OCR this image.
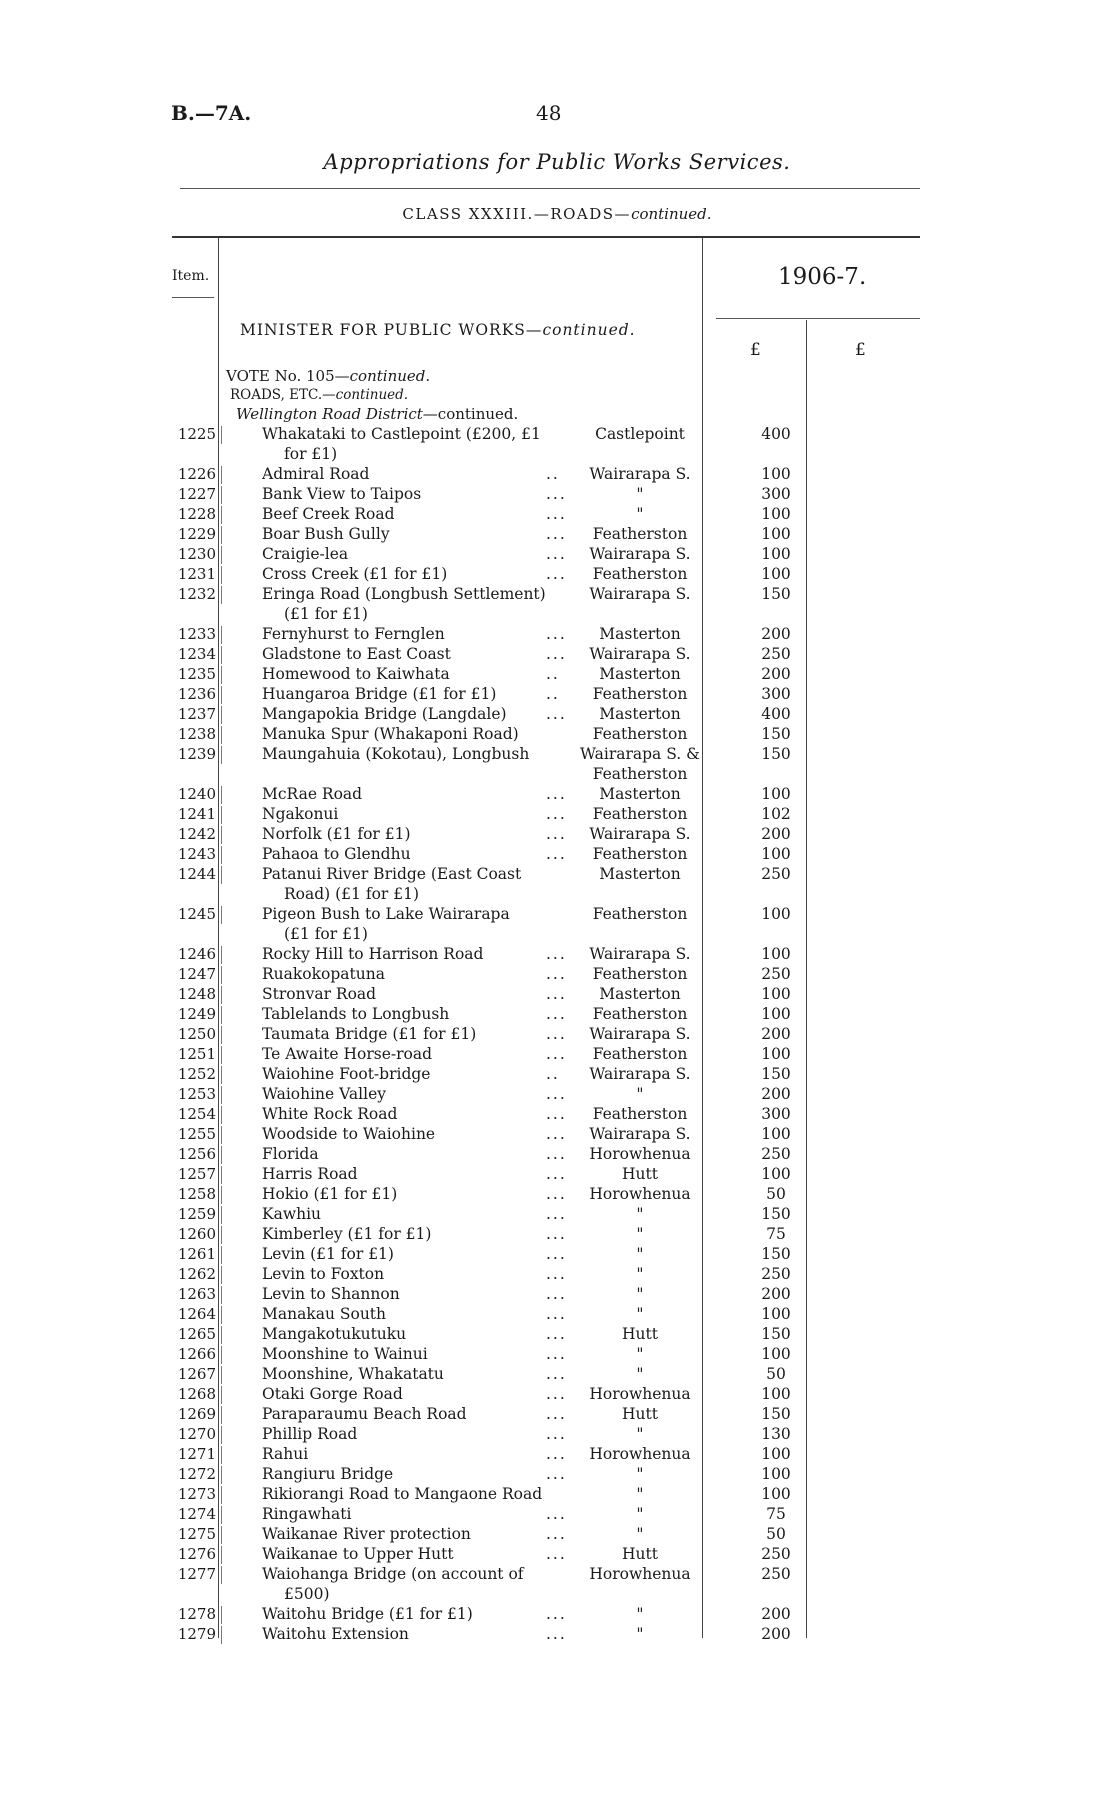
B.—7A.	48
Appropriations for Public Works Services.
CLASS XXXIII.—ROADS—continued.
Item.	1906-7.
£	£
MINISTER FOR PUBLIC WORKS—continued.
VOTE No. 105—continued.
ROADS, ETC.—continued.
Wellington Road District—continued.
1225	Whakataki to Castlepoint (£200, £1	Castlepoint	400
for £1)
1226	Admiral Road	..	Wairarapa S.	100
1227	Bank View to Taipos	...	"	300
1228	Beef Creek Road	...	"	100
1229	Boar Bush Gully	...	Featherston	100
1230	Craigie-lea	...	Wairarapa S.	100
1231	Cross Creek (£1 for £1)	...	Featherston	100
1232	Eringa Road (Longbush Settlement)	Wairarapa S.	150
(£1 for £1)
1233	Fernyhurst to Fernglen	...	Masterton	200
1234	Gladstone to East Coast	...	Wairarapa S.	250
1235	Homewood to Kaiwhata	..	Masterton	200
1236	Huangaroa Bridge (£1 for £1)	..	Featherston	300
1237	Mangapokia Bridge (Langdale)	...	Masterton	400
1238	Manuka Spur (Whakaponi Road)	Featherston	150
1239	Maungahuia (Kokotau), Longbush	Wairarapa S. &	150
Featherston
1240	McRae Road	...	Masterton	100
1241	Ngakonui	...	Featherston	102
1242	Norfolk (£1 for £1)	...	Wairarapa S.	200
1243	Pahaoa to Glendhu	...	Featherston	100
1244	Patanui River Bridge (East Coast	Masterton	250
Road) (£1 for £1)
1245	Pigeon Bush to Lake Wairarapa	Featherston	100
(£1 for £1)
1246	Rocky Hill to Harrison Road	...	Wairarapa S.	100
1247	Ruakokopatuna	...	Featherston	250
1248	Stronvar Road	...	Masterton	100
1249	Tablelands to Longbush	...	Featherston	100
1250	Taumata Bridge (£1 for £1)	...	Wairarapa S.	200
1251	Te Awaite Horse-road	...	Featherston	100
1252	Waiohine Foot-bridge	..	Wairarapa S.	150
1253	Waiohine Valley	...	"	200
1254	White Rock Road	...	Featherston	300
1255	Woodside to Waiohine	...	Wairarapa S.	100
1256	Florida	...	Horowhenua	250
1257	Harris Road	...	Hutt	100
1258	Hokio (£1 for £1)	...	Horowhenua	50
1259	Kawhiu	...	"	150
1260	Kimberley (£1 for £1)	...	"	75
1261	Levin (£1 for £1)	...	"	150
1262	Levin to Foxton	...	"	250
1263	Levin to Shannon	...	"	200
1264	Manakau South	...	"	100
1265	Mangakotukutuku	...	Hutt	150
1266	Moonshine to Wainui	...	"	100
1267	Moonshine, Whakatatu	...	"	50
1268	Otaki Gorge Road	...	Horowhenua	100
1269	Paraparaumu Beach Road	...	Hutt	150
1270	Phillip Road	...	"	130
1271	Rahui	...	Horowhenua	100
1272	Rangiuru Bridge	...	"	100
1273	Rikiorangi Road to Mangaone Road	"	100
1274	Ringawhati	...	"	75
1275	Waikanae River protection	...	"	50
1276	Waikanae to Upper Hutt	...	Hutt	250
1277	Waiohanga Bridge (on account of	Horowhenua	250
£500)
1278	Waitohu Bridge (£1 for £1)	...	"	200
1279	Waitohu Extension	...	"	200
